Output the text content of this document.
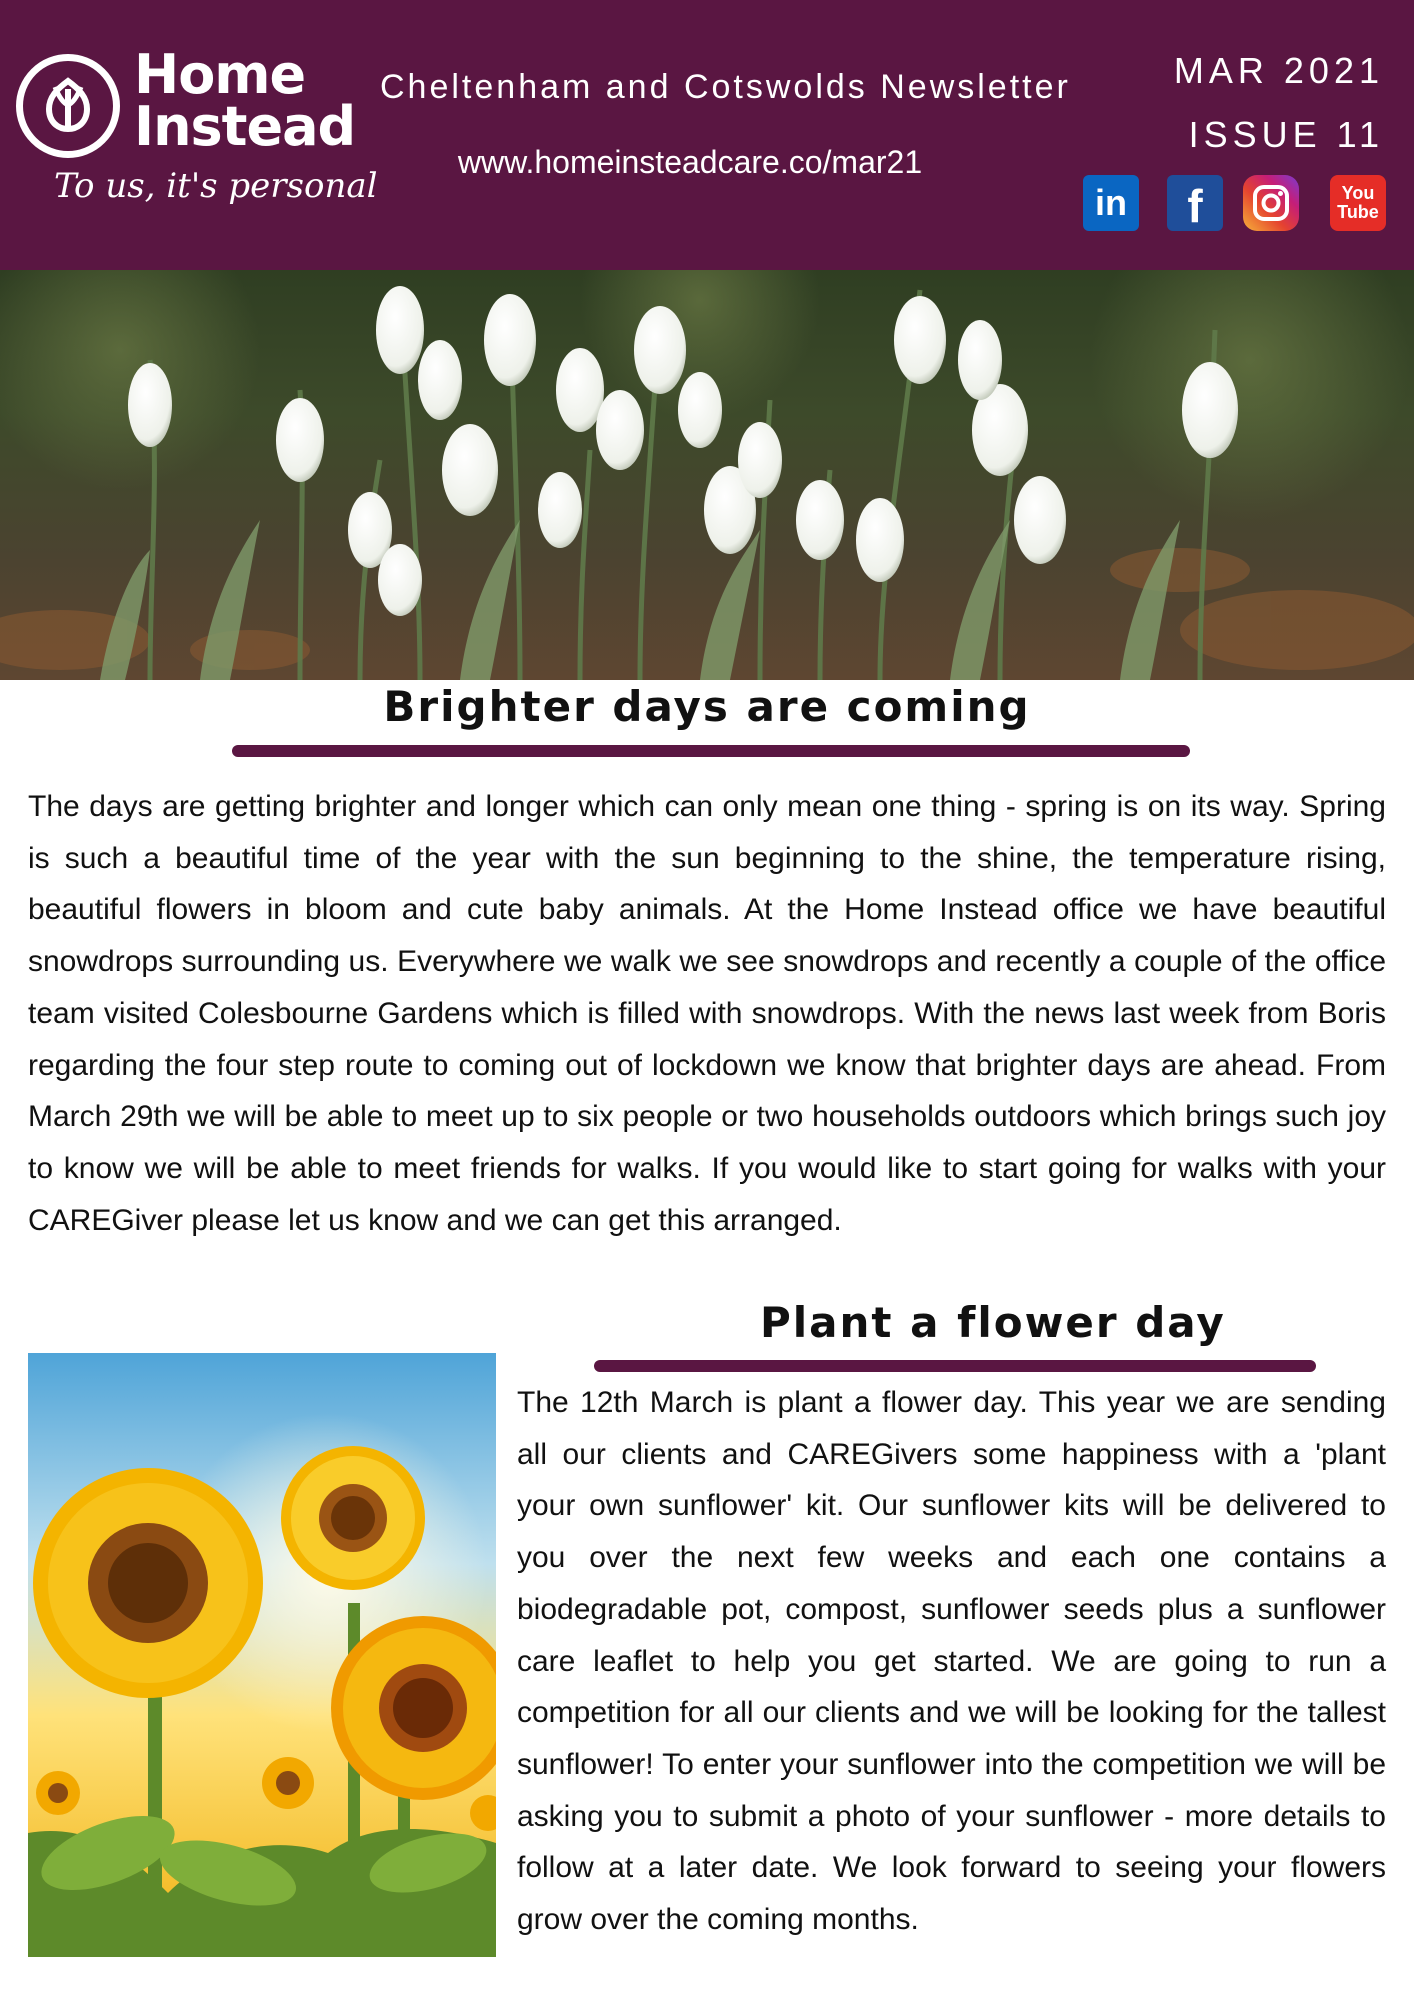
Home
Instead
To us, it's personal
Cheltenham and Cotswolds Newsletter
www.homeinsteadcare.co/mar21
MAR 2021
ISSUE 11
in f	You
Tube
Brighter days are coming
The days are getting brighter and longer which can only mean one thing - spring is on its way. Spring is such a beautiful time of the year with the sun beginning to the shine, the temperature rising, beautiful flowers in bloom and cute baby animals. At the Home Instead office we have beautiful snowdrops surrounding us. Everywhere we walk we see snowdrops and recently a couple of the office team visited Colesbourne Gardens which is filled with snowdrops. With the news last week from Boris regarding the four step route to coming out of lockdown we know that brighter days are ahead. From March 29th we will be able to meet up to six people or two households outdoors which brings such joy to know we will be able to meet friends for walks. If you would like to start going for walks with your CAREGiver please let us know and we can get this arranged.
Plant a flower day
The 12th March is plant a flower day. This year we are sending all our clients and CAREGivers some happiness with a 'plant your own sunflower' kit. Our sunflower kits will be delivered to you over the next few weeks and each one contains a biodegradable pot, compost, sunflower seeds plus a sunflower care leaflet to help you get started. We are going to run a competition for all our clients and we will be looking for the tallest sunflower! To enter your sunflower into the competition we will be asking you to submit a photo of your sunflower - more details to follow at a later date. We look forward to seeing your flowers grow over the coming months.
